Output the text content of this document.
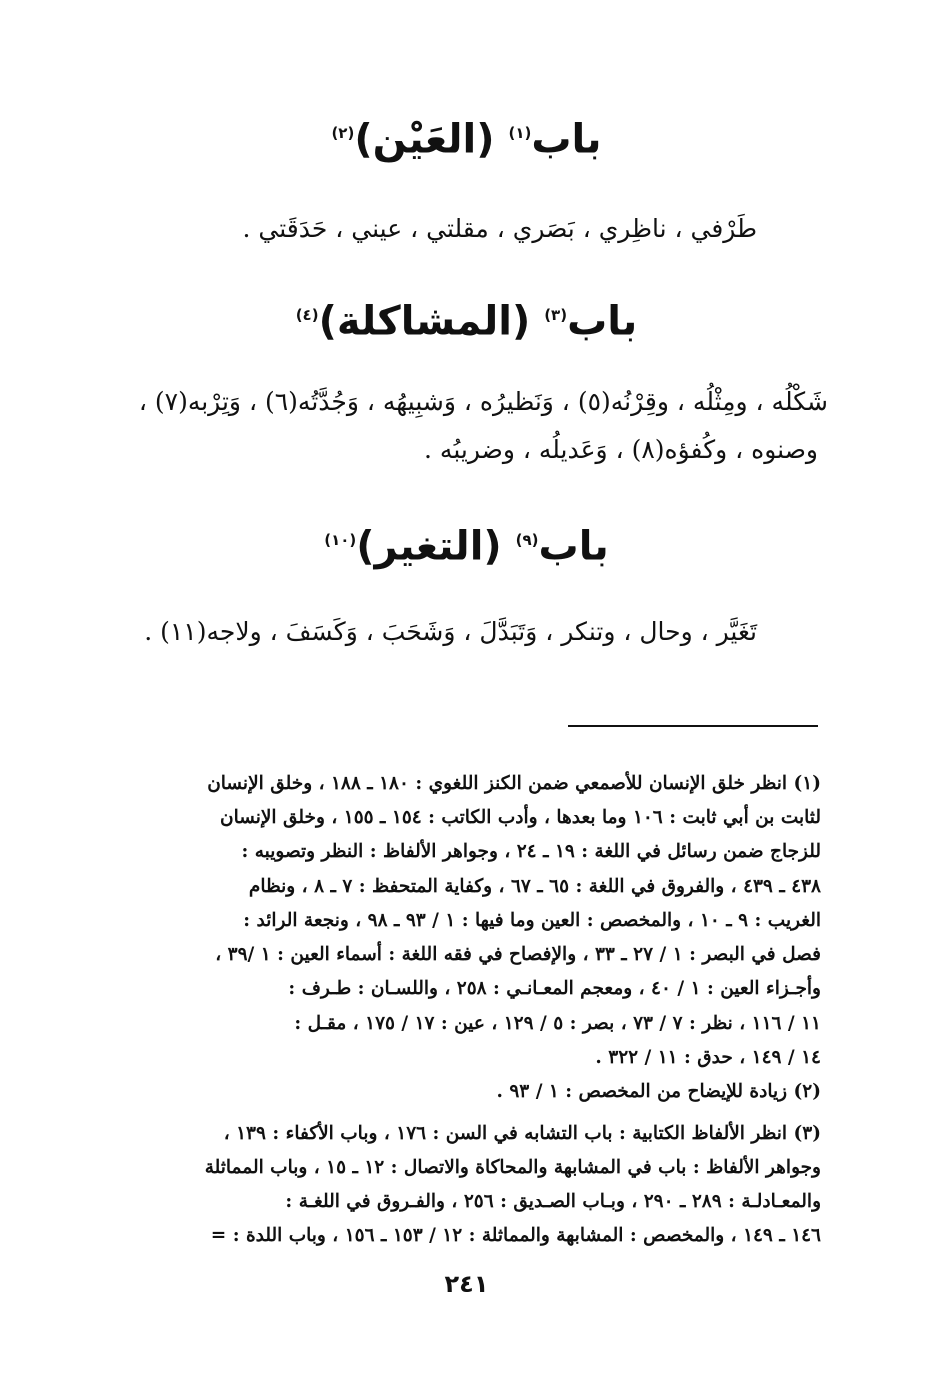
باب$^{(١)}$ (العَيْن)$^{(٢)}$
طَرْفي ، ناظِري ، بَصَري ، مقلتي ، عيني ، حَدَقَتي .
باب$^{(٣)}$ (المشاكلة)$^{(٤)}$
شَكْلُه ، ومِثْلُه ، وقِرْنُه(٥) ، وَنَظيرُه ، وَشبِيهُه ، وَجُدَّتُه(٦) ، وَتِرْبه(٧) ،
وصنوه ، وكُفؤه(٨) ، وَعَديلُه ، وضريبُه .
باب$^{(٩)}$ (التغير)$^{(١٠)}$
تَغَيَّر ، وحال ، وتنكر ، وَتَبَدَّلَ ، وَشَحَبَ ، وَكَسَفَ ، ولاجه(١١) .
(١) انظر خلق الإنسان للأصمعي ضمن الكنز اللغوي : ١٨٠ ـ ١٨٨ ، وخلق الإنسان
لثابت بن أبي ثابت : ١٠٦ وما بعدها ، وأدب الكاتب : ١٥٤ ـ ١٥٥ ، وخلق الإنسان
للزجاج ضمن رسائل في اللغة : ١٩ ـ ٢٤ ، وجواهر الألفاظ : النظر وتصويبه :
٤٣٨ ـ ٤٣٩ ، والفروق في اللغة : ٦٥ ـ ٦٧ ، وكفاية المتحفظ : ٧ ـ ٨ ، ونظام
الغريب : ٩ ـ ١٠ ، والمخصص : العين وما فيها : ١ / ٩٣ ـ ٩٨ ، ونجعة الرائد :
فصل في البصر : ١ / ٢٧ ـ ٣٣ ، والإفصاح في فقه اللغة : أسماء العين : ١ /٣٩ ،
وأجـزاء العين : ١ / ٤٠ ، ومعجم المعـانـي : ٢٥٨ ، واللسـان : طـرف :
١١ / ١١٦ ، نظر : ٧ / ٧٣ ، بصر : ٥ / ١٢٩ ، عين : ١٧ / ١٧٥ ، مقـل :
١٤ / ١٤٩ ، حدق : ١١ / ٣٢٢ .
(٢) زيادة للإيضاح من المخصص : ١ / ٩٣ .
(٣) انظر الألفاظ الكتابية : باب التشابه في السن : ١٧٦ ، وباب الأكفاء : ١٣٩ ،
وجواهر الألفاظ : باب في المشابهة والمحاكاة والاتصال : ١٢ ـ ١٥ ، وباب المماثلة
والمعـادلـة : ٢٨٩ ـ ٢٩٠ ، وبـاب الصـديق : ٢٥٦ ، والفـروق في اللغـة :
١٤٦ ـ ١٤٩ ، والمخصص : المشابهة والمماثلة : ١٢ / ١٥٣ ـ ١٥٦ ، وباب اللدة : =
٢٤١
